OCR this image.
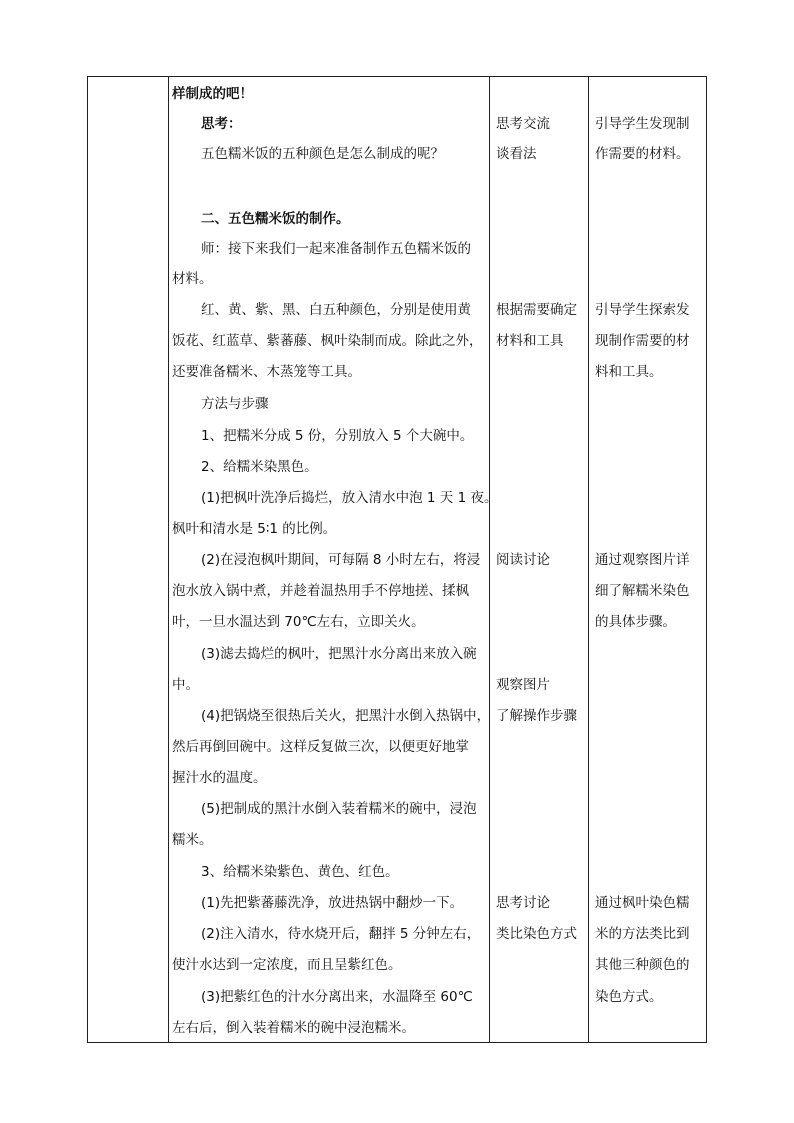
样制成的吧！
思考：
五色糯米饭的五种颜色是怎么制成的呢？
二、五色糯米饭的制作。
师：接下来我们一起来准备制作五色糯米饭的
材料。
红、黄、紫、黑、白五种颜色，分别是使用黄
饭花、红蓝草、紫蕃藤、枫叶染制而成。除此之外，
还要准备糯米、木蒸笼等工具。
方法与步骤
1、把糯米分成 5 份，分别放入 5 个大碗中。
2、给糯米染黑色。
(1)把枫叶洗净后捣烂，放入清水中泡 1 天 1 夜。
枫叶和清水是 5∶1 的比例。
(2)在浸泡枫叶期间，可每隔 8 小时左右，将浸
泡水放入锅中煮，并趁着温热用手不停地搓、揉枫
叶，一旦水温达到 70℃左右，立即关火。
(3)滤去捣烂的枫叶，把黑汁水分离出来放入碗
中。
(4)把锅烧至很热后关火，把黑汁水倒入热锅中，
然后再倒回碗中。这样反复做三次，以便更好地掌
握汁水的温度。
(5)把制成的黑汁水倒入装着糯米的碗中，浸泡
糯米。
3、给糯米染紫色、黄色、红色。
(1)先把紫蕃藤洗净，放进热锅中翻炒一下。
(2)注入清水，待水烧开后，翻拌 5 分钟左右，
使汁水达到一定浓度，而且呈紫红色。
(3)把紫红色的汁水分离出来，水温降至 60℃
左右后，倒入装着糯米的碗中浸泡糯米。
思考交流
谈看法
根据需要确定
材料和工具
阅读讨论
观察图片
了解操作步骤
思考讨论
类比染色方式
引导学生发现制
作需要的材料。
引导学生探索发
现制作需要的材
料和工具。
通过观察图片详
细了解糯米染色
的具体步骤。
通过枫叶染色糯
米的方法类比到
其他三种颜色的
染色方式。
